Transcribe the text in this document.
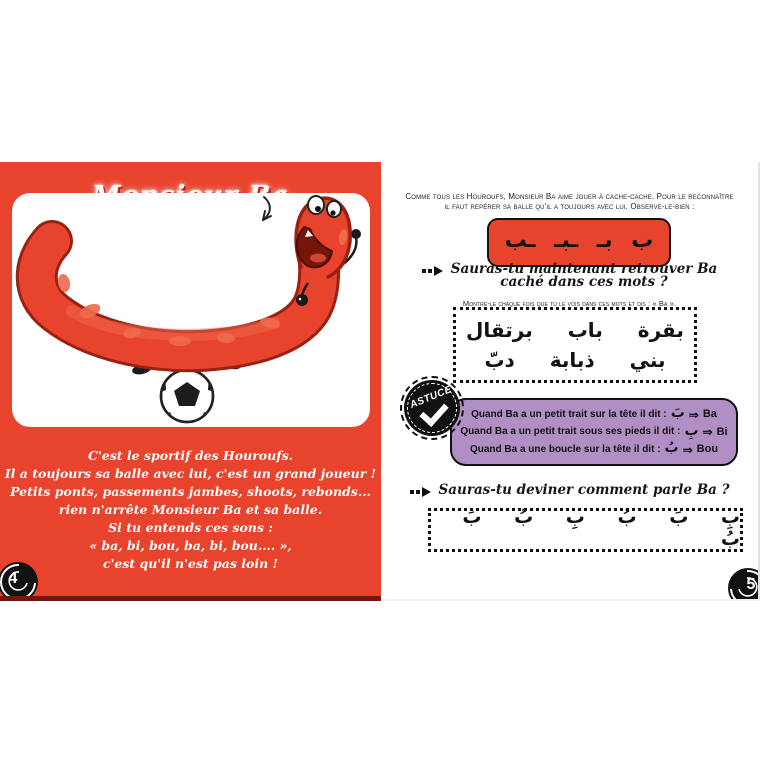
C'est le sportif des Houroufs.

Il a toujours sa balle avec lui, c'est un grand joueur !

Petits ponts, passements jambes, shoots, rebonds...

rien n'arrête Monsieur Ba et sa balle.

Si tu entends ces sons :

« ba, bi, bou, ba, bi, bou.... »,

c'est qu'il n'est pas loin !

4

Comme tous les Houroufs, Monsieur Ba aime jouer à cache-cache. Pour le reconnaître il faut repérer sa balle qu'il a toujours avec lui. Observe-le-bien :

ب بـ ـبـ ـب
Sauras-tu maintenant retrouver Ba
caché dans ces mots ?

Montre-le chaque fois que tu le vois dans ces mots et dis : « Ba ».

بقرة باب برتقال
بني ذبابة دبّ
ASTUCE
Quand Ba a un petit trait sur la tête il dit : بَ ⇒ Ba
Quand Ba a un petit trait sous ses pieds il dit : بِ ⇒ Bi
Quand Ba a une boucle sur la tête il dit : بُ ⇒ Bou
Sauras-tu deviner comment parle Ba ?
بِ بَ بُ بِ بُ بَ بُ
5
